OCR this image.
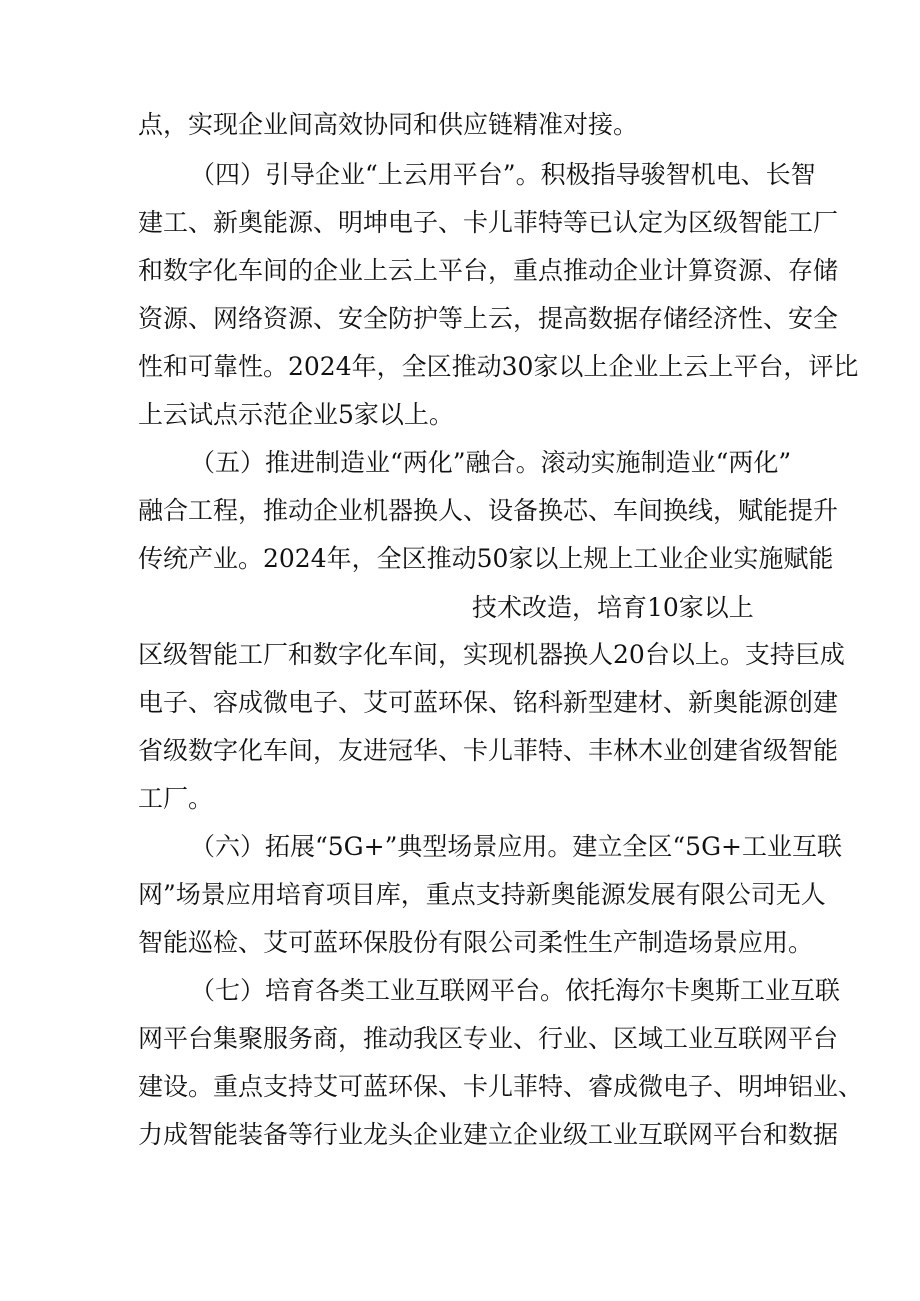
点，实现企业间高效协同和供应链精准对接。
（四）引导企业“上云用平台”。积极指导骏智机电、长智
建工、新奥能源、明坤电子、卡儿菲特等已认定为区级智能工厂
和数字化车间的企业上云上平台，重点推动企业计算资源、存储
资源、网络资源、安全防护等上云，提高数据存储经济性、安全
性和可靠性。2024年，全区推动30家以上企业上云上平台，评比
上云试点示范企业5家以上。
（五）推进制造业“两化”融合。滚动实施制造业“两化”
融合工程，推动企业机器换人、设备换芯、车间换线，赋能提升
传统产业。2024年，全区推动50家以上规上工业企业实施赋能
技术改造，培育10家以上
区级智能工厂和数字化车间，实现机器换人20台以上。支持巨成
电子、容成微电子、艾可蓝环保、铭科新型建材、新奥能源创建
省级数字化车间，友进冠华、卡儿菲特、丰林木业创建省级智能
工厂。
（六）拓展“5G+”典型场景应用。建立全区“5G+工业互联
网”场景应用培育项目库，重点支持新奥能源发展有限公司无人
智能巡检、艾可蓝环保股份有限公司柔性生产制造场景应用。
（七）培育各类工业互联网平台。依托海尔卡奥斯工业互联
网平台集聚服务商，推动我区专业、行业、区域工业互联网平台
建设。重点支持艾可蓝环保、卡儿菲特、睿成微电子、明坤铝业、
力成智能装备等行业龙头企业建立企业级工业互联网平台和数据
